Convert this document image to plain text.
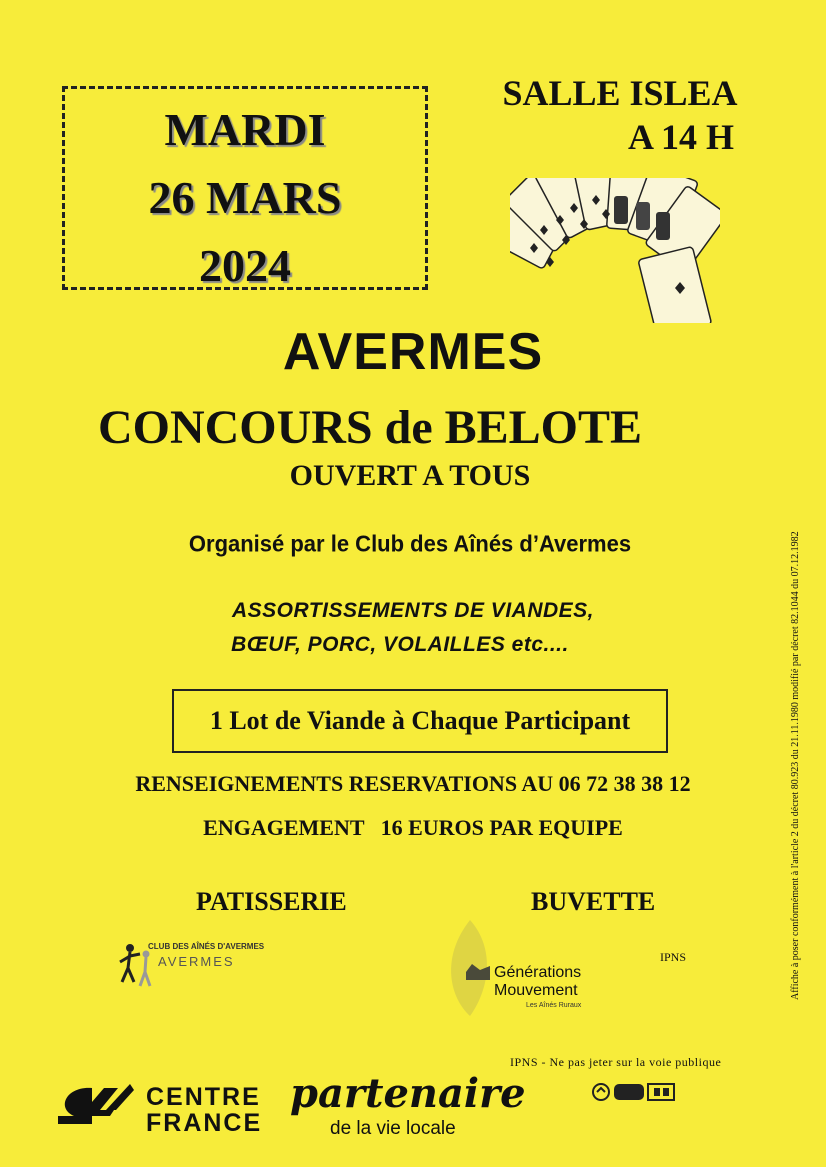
MARDI
26 MARS
2024
SALLE ISLEA
A 14 H
AVERMES
CONCOURS de BELOTE
OUVERT A TOUS
Organisé par le Club des Aînés d’Avermes
ASSORTISSEMENTS DE VIANDES,
BŒUF, PORC, VOLAILLES etc....
1 Lot de Viande à Chaque Participant
RENSEIGNEMENTS RESERVATIONS AU 06 72 38 38 12
ENGAGEMENT   16 EUROS PAR EQUIPE
PATISSERIE	BUVETTE
CLUB DES AÎNÉS D'AVERMES
AVERMES
Générations
Mouvement
Les Aînés Ruraux
IPNS
IPNS - Ne pas jeter sur la voie publique
CENTRE
FRANCE
partenaire
de la vie locale
Affiche à poser conformément à l'article 2 du décret 80.923 du 21.11.1980 modifié par décret 82.1044 du 07.12.1982
